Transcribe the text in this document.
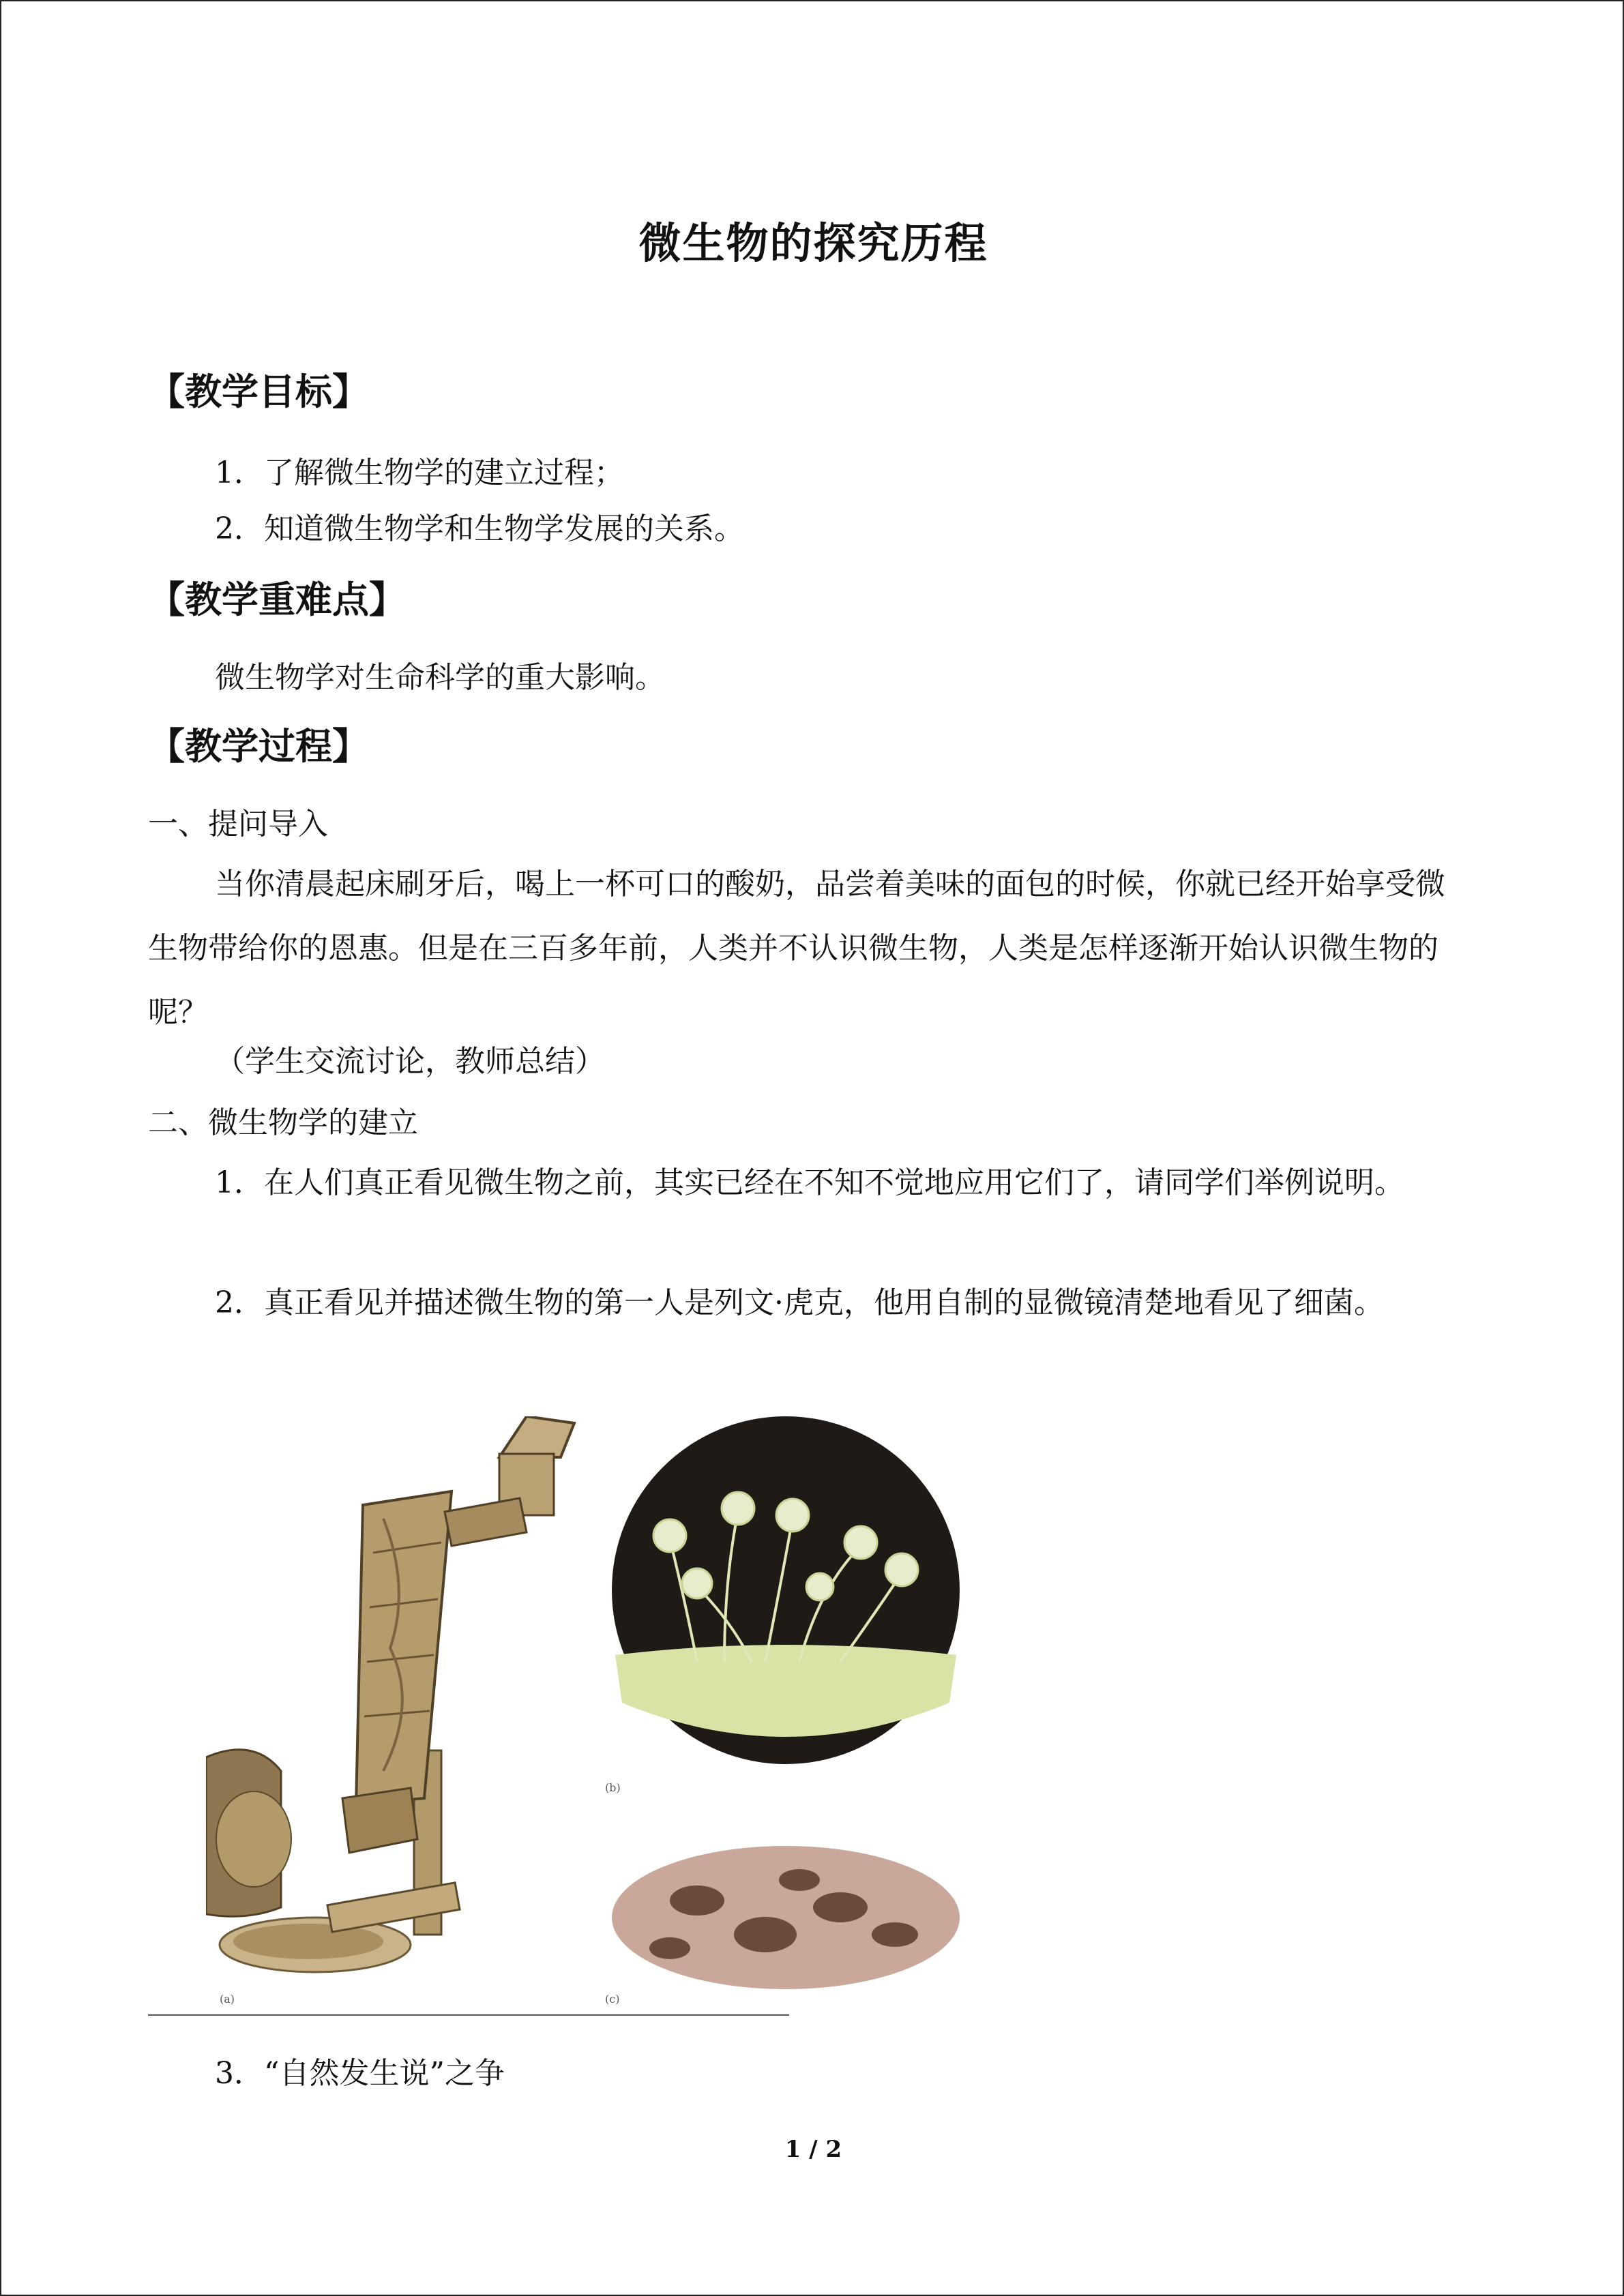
微生物的探究历程
【教学目标】
1．了解微生物学的建立过程；
2．知道微生物学和生物学发展的关系。
【教学重难点】
微生物学对生命科学的重大影响。
【教学过程】
一、提问导入
当你清晨起床刷牙后，喝上一杯可口的酸奶，品尝着美味的面包的时候，你就已经开始享受微生物带给你的恩惠。但是在三百多年前，人类并不认识微生物，人类是怎样逐渐开始认识微生物的呢？
（学生交流讨论，教师总结）
二、微生物学的建立
1．在人们真正看见微生物之前，其实已经在不知不觉地应用它们了，请同学们举例说明。
2．真正看见并描述微生物的第一人是列文·虎克，他用自制的显微镜清楚地看见了细菌。
(a)
(b)
(c)
3．“自然发生说”之争
1 / 2
